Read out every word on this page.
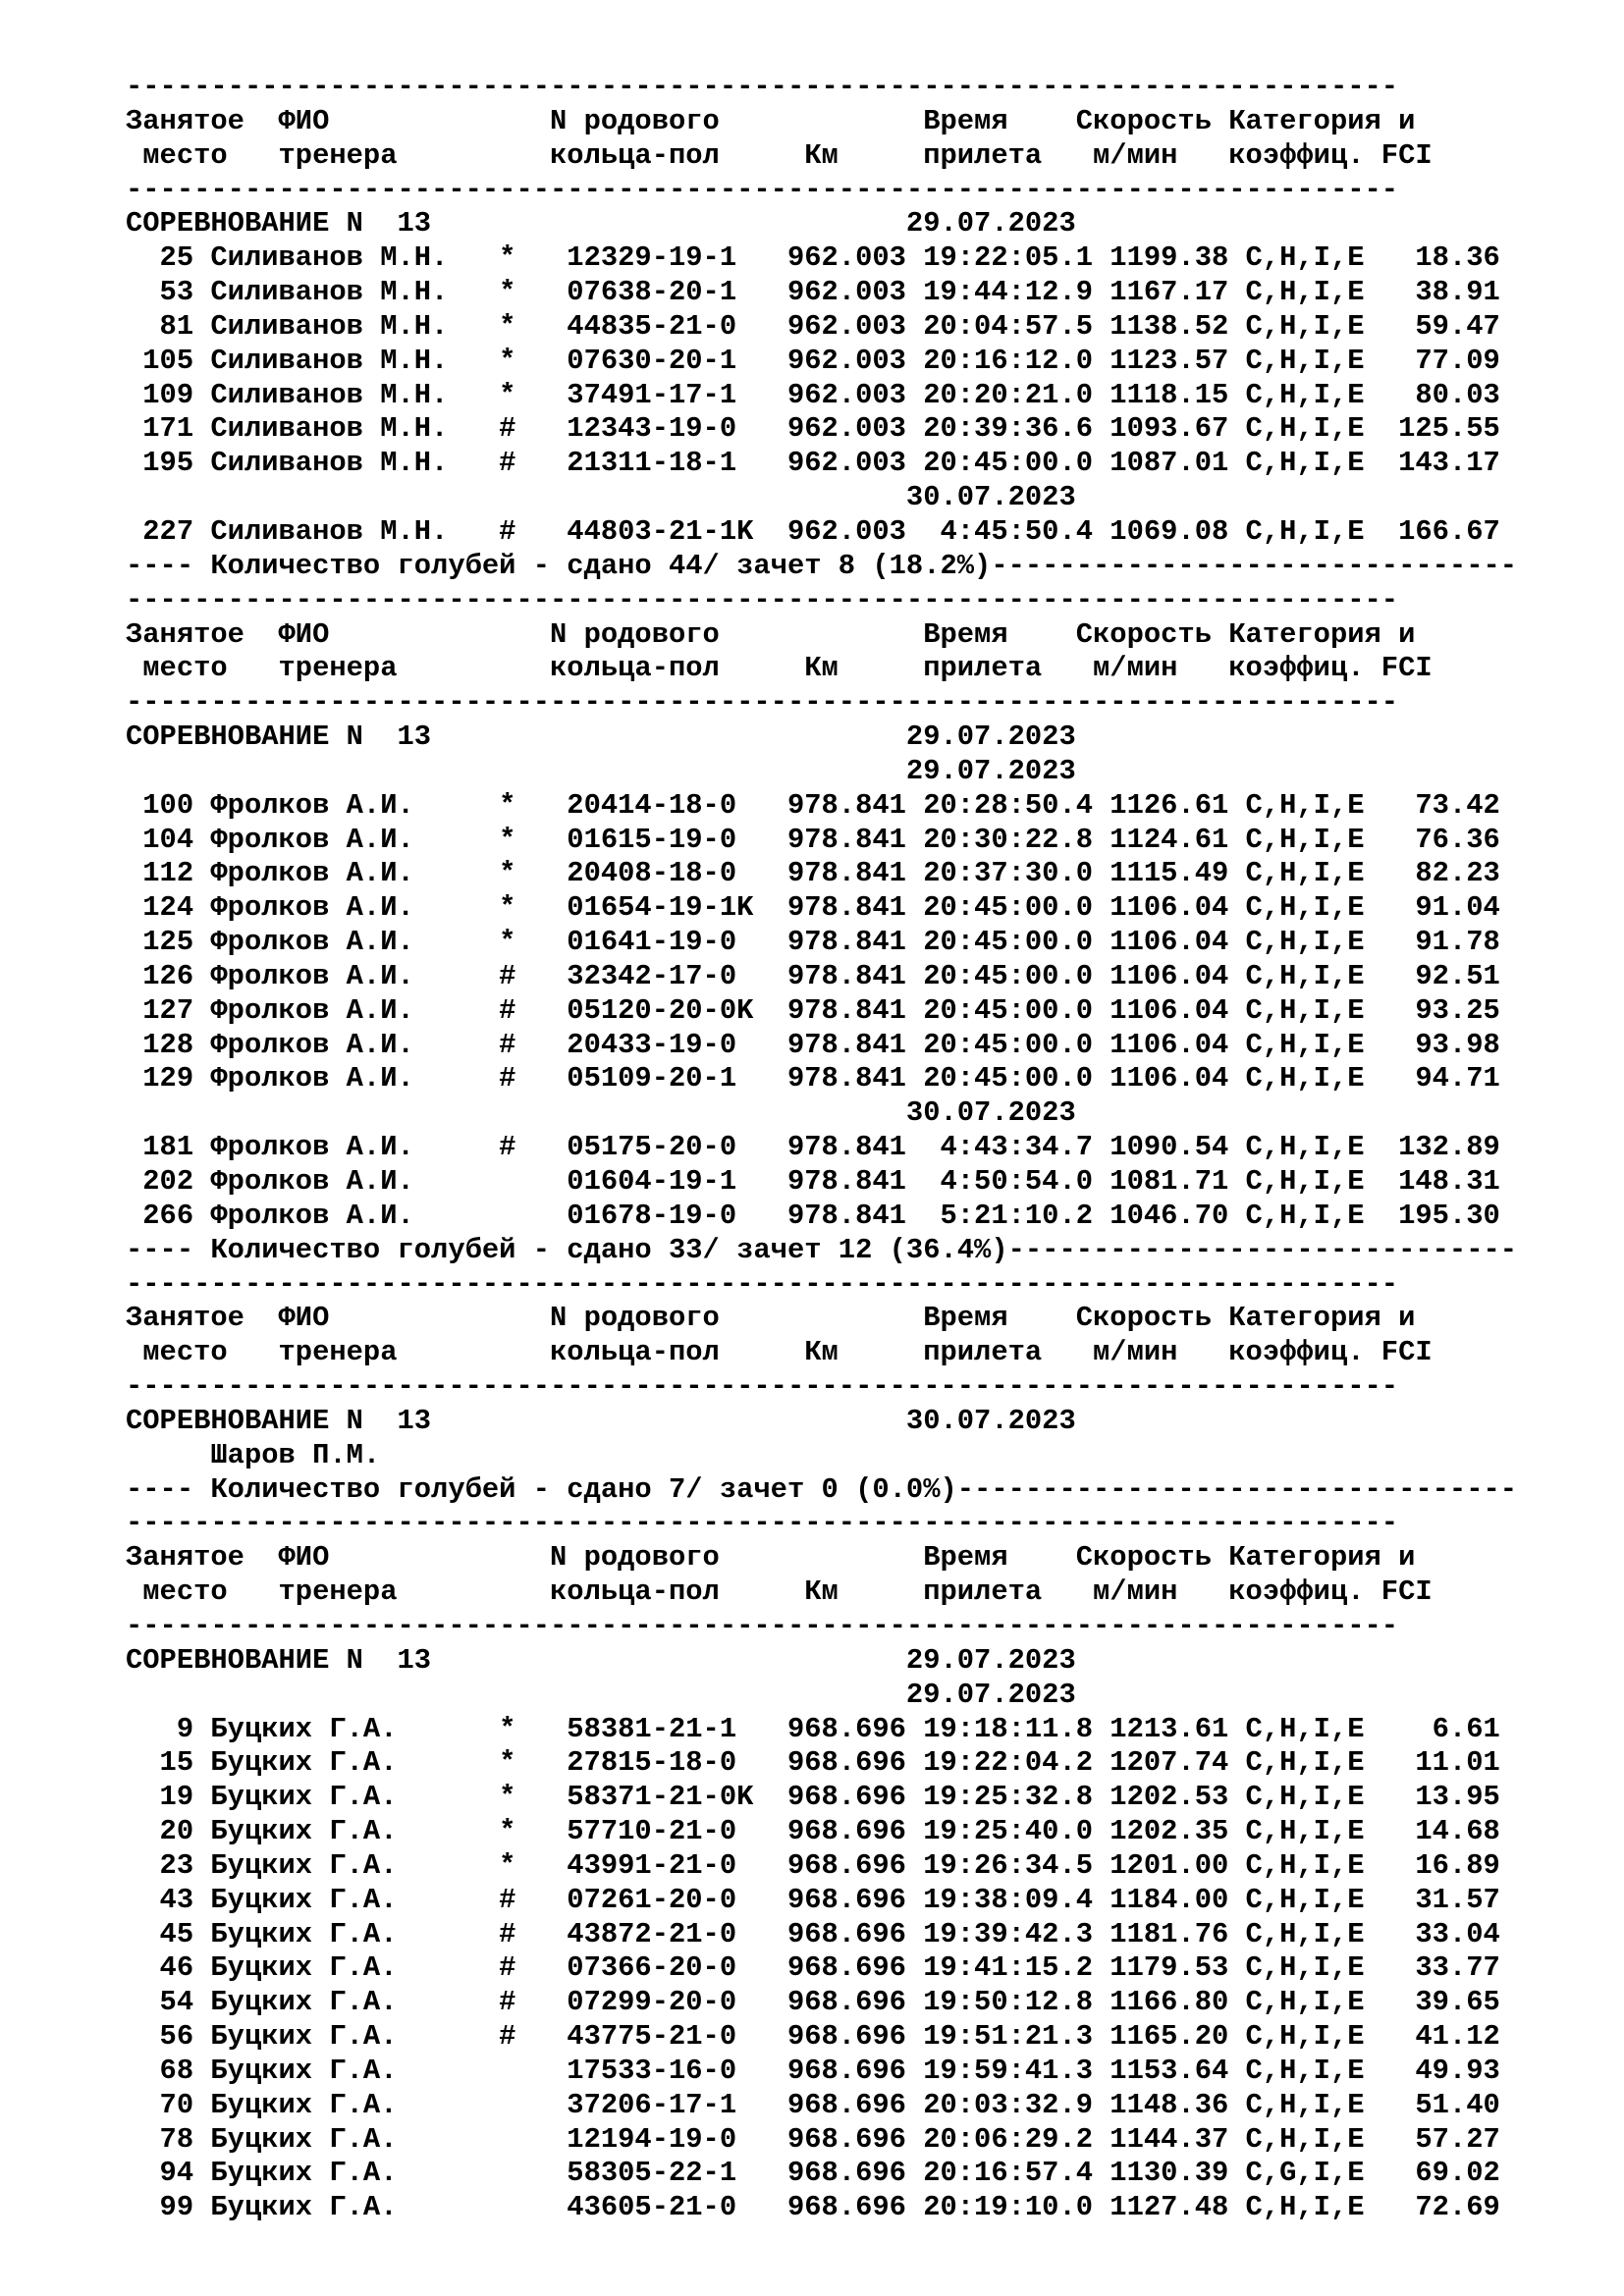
---------------------------------------------------------------------------
Занятое  ФИО             N родового            Время    Скорость Категория и
место   тренера         кольца-пол     Км     прилета   м/мин   коэффиц. FCI
---------------------------------------------------------------------------
СОРЕВНОВАНИЕ N  13                            29.07.2023
25 Силиванов М.Н.   *   12329-19-1   962.003 19:22:05.1 1199.38 C,H,I,E   18.36
53 Силиванов М.Н.   *   07638-20-1   962.003 19:44:12.9 1167.17 C,H,I,E   38.91
81 Силиванов М.Н.   *   44835-21-0   962.003 20:04:57.5 1138.52 C,H,I,E   59.47
105 Силиванов М.Н.   *   07630-20-1   962.003 20:16:12.0 1123.57 C,H,I,E   77.09
109 Силиванов М.Н.   *   37491-17-1   962.003 20:20:21.0 1118.15 C,H,I,E   80.03
171 Силиванов М.Н.   #   12343-19-0   962.003 20:39:36.6 1093.67 C,H,I,E  125.55
195 Силиванов М.Н.   #   21311-18-1   962.003 20:45:00.0 1087.01 C,H,I,E  143.17
30.07.2023
227 Силиванов М.Н.   #   44803-21-1K  962.003  4:45:50.4 1069.08 C,H,I,E  166.67
---- Количество голубей - сдано 44/ зачет 8 (18.2%)-------------------------------
---------------------------------------------------------------------------
Занятое  ФИО             N родового            Время    Скорость Категория и
место   тренера         кольца-пол     Км     прилета   м/мин   коэффиц. FCI
---------------------------------------------------------------------------
СОРЕВНОВАНИЕ N  13                            29.07.2023
29.07.2023
100 Фролков А.И.     *   20414-18-0   978.841 20:28:50.4 1126.61 C,H,I,E   73.42
104 Фролков А.И.     *   01615-19-0   978.841 20:30:22.8 1124.61 C,H,I,E   76.36
112 Фролков А.И.     *   20408-18-0   978.841 20:37:30.0 1115.49 C,H,I,E   82.23
124 Фролков А.И.     *   01654-19-1K  978.841 20:45:00.0 1106.04 C,H,I,E   91.04
125 Фролков А.И.     *   01641-19-0   978.841 20:45:00.0 1106.04 C,H,I,E   91.78
126 Фролков А.И.     #   32342-17-0   978.841 20:45:00.0 1106.04 C,H,I,E   92.51
127 Фролков А.И.     #   05120-20-0K  978.841 20:45:00.0 1106.04 C,H,I,E   93.25
128 Фролков А.И.     #   20433-19-0   978.841 20:45:00.0 1106.04 C,H,I,E   93.98
129 Фролков А.И.     #   05109-20-1   978.841 20:45:00.0 1106.04 C,H,I,E   94.71
30.07.2023
181 Фролков А.И.     #   05175-20-0   978.841  4:43:34.7 1090.54 C,H,I,E  132.89
202 Фролков А.И.         01604-19-1   978.841  4:50:54.0 1081.71 C,H,I,E  148.31
266 Фролков А.И.         01678-19-0   978.841  5:21:10.2 1046.70 C,H,I,E  195.30
---- Количество голубей - сдано 33/ зачет 12 (36.4%)------------------------------
---------------------------------------------------------------------------
Занятое  ФИО             N родового            Время    Скорость Категория и
место   тренера         кольца-пол     Км     прилета   м/мин   коэффиц. FCI
---------------------------------------------------------------------------
СОРЕВНОВАНИЕ N  13                            30.07.2023
Шаров П.М.
---- Количество голубей - сдано 7/ зачет 0 (0.0%)---------------------------------
---------------------------------------------------------------------------
Занятое  ФИО             N родового            Время    Скорость Категория и
место   тренера         кольца-пол     Км     прилета   м/мин   коэффиц. FCI
---------------------------------------------------------------------------
СОРЕВНОВАНИЕ N  13                            29.07.2023
29.07.2023
9 Буцких Г.А.      *   58381-21-1   968.696 19:18:11.8 1213.61 C,H,I,E    6.61
15 Буцких Г.А.      *   27815-18-0   968.696 19:22:04.2 1207.74 C,H,I,E   11.01
19 Буцких Г.А.      *   58371-21-0K  968.696 19:25:32.8 1202.53 C,H,I,E   13.95
20 Буцких Г.А.      *   57710-21-0   968.696 19:25:40.0 1202.35 C,H,I,E   14.68
23 Буцких Г.А.      *   43991-21-0   968.696 19:26:34.5 1201.00 C,H,I,E   16.89
43 Буцких Г.А.      #   07261-20-0   968.696 19:38:09.4 1184.00 C,H,I,E   31.57
45 Буцких Г.А.      #   43872-21-0   968.696 19:39:42.3 1181.76 C,H,I,E   33.04
46 Буцких Г.А.      #   07366-20-0   968.696 19:41:15.2 1179.53 C,H,I,E   33.77
54 Буцких Г.А.      #   07299-20-0   968.696 19:50:12.8 1166.80 C,H,I,E   39.65
56 Буцких Г.А.      #   43775-21-0   968.696 19:51:21.3 1165.20 C,H,I,E   41.12
68 Буцких Г.А.          17533-16-0   968.696 19:59:41.3 1153.64 C,H,I,E   49.93
70 Буцких Г.А.          37206-17-1   968.696 20:03:32.9 1148.36 C,H,I,E   51.40
78 Буцких Г.А.          12194-19-0   968.696 20:06:29.2 1144.37 C,H,I,E   57.27
94 Буцких Г.А.          58305-22-1   968.696 20:16:57.4 1130.39 C,G,I,E   69.02
99 Буцких Г.А.          43605-21-0   968.696 20:19:10.0 1127.48 C,H,I,E   72.69
